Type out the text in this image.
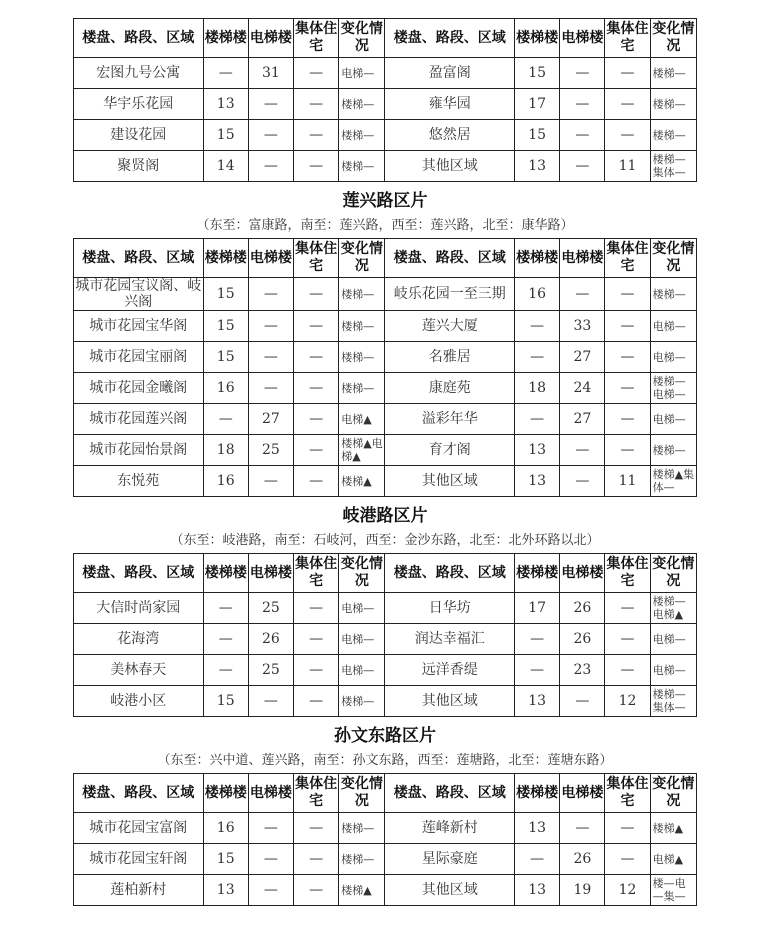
楼盘、路段、区域	楼梯楼	电梯楼	集体住宅	变化情况	楼盘、路段、区域	楼梯楼	电梯楼	集体住宅	变化情况
宏图九号公寓	—	31	—	电梯—	盈富阁	15	—	—	楼梯—
华宇乐花园	13	—	—	楼梯—	雍华园	17	—	—	楼梯—
建设花园	15	—	—	楼梯—	悠然居	15	—	—	楼梯—
聚贤阁	14	—	—	楼梯—	其他区域	13	—	11	楼梯—集体—
莲兴路区片
（东至：富康路，南至：莲兴路，西至：莲兴路，北至：康华路）
楼盘、路段、区域	楼梯楼	电梯楼	集体住宅	变化情况	楼盘、路段、区域	楼梯楼	电梯楼	集体住宅	变化情况
城市花园宝议阁、岐兴阁	15	—	—	楼梯—	岐乐花园一至三期	16	—	—	楼梯—
城市花园宝华阁	15	—	—	楼梯—	莲兴大厦	—	33	—	电梯—
城市花园宝丽阁	15	—	—	楼梯—	名雅居	—	27	—	电梯—
城市花园金曦阁	16	—	—	楼梯—	康庭苑	18	24	—	楼梯—电梯—
城市花园莲兴阁	—	27	—	电梯▲	溢彩年华	—	27	—	电梯—
城市花园怡景阁	18	25	—	楼梯▲电梯▲	育才阁	13	—	—	楼梯—
东悦苑	16	—	—	楼梯▲	其他区域	13	—	11	楼梯▲集体—
岐港路区片
（东至：岐港路，南至：石岐河，西至：金沙东路，北至：北外环路以北）
楼盘、路段、区域	楼梯楼	电梯楼	集体住宅	变化情况	楼盘、路段、区域	楼梯楼	电梯楼	集体住宅	变化情况
大信时尚家园	—	25	—	电梯—	日华坊	17	26	—	楼梯—电梯▲
花海湾	—	26	—	电梯—	润达幸福汇	—	26	—	电梯—
美林春天	—	25	—	电梯—	远洋香缇	—	23	—	电梯—
岐港小区	15	—	—	楼梯—	其他区域	13	—	12	楼梯—集体—
孙文东路区片
（东至：兴中道、莲兴路，南至：孙文东路，西至：莲塘路，北至：莲塘东路）
楼盘、路段、区域	楼梯楼	电梯楼	集体住宅	变化情况	楼盘、路段、区域	楼梯楼	电梯楼	集体住宅	变化情况
城市花园宝富阁	16	—	—	楼梯—	莲峰新村	13	—	—	楼梯▲
城市花园宝轩阁	15	—	—	楼梯—	星际豪庭	—	26	—	电梯▲
莲柏新村	13	—	—	楼梯▲	其他区域	13	19	12	楼—电—集—
